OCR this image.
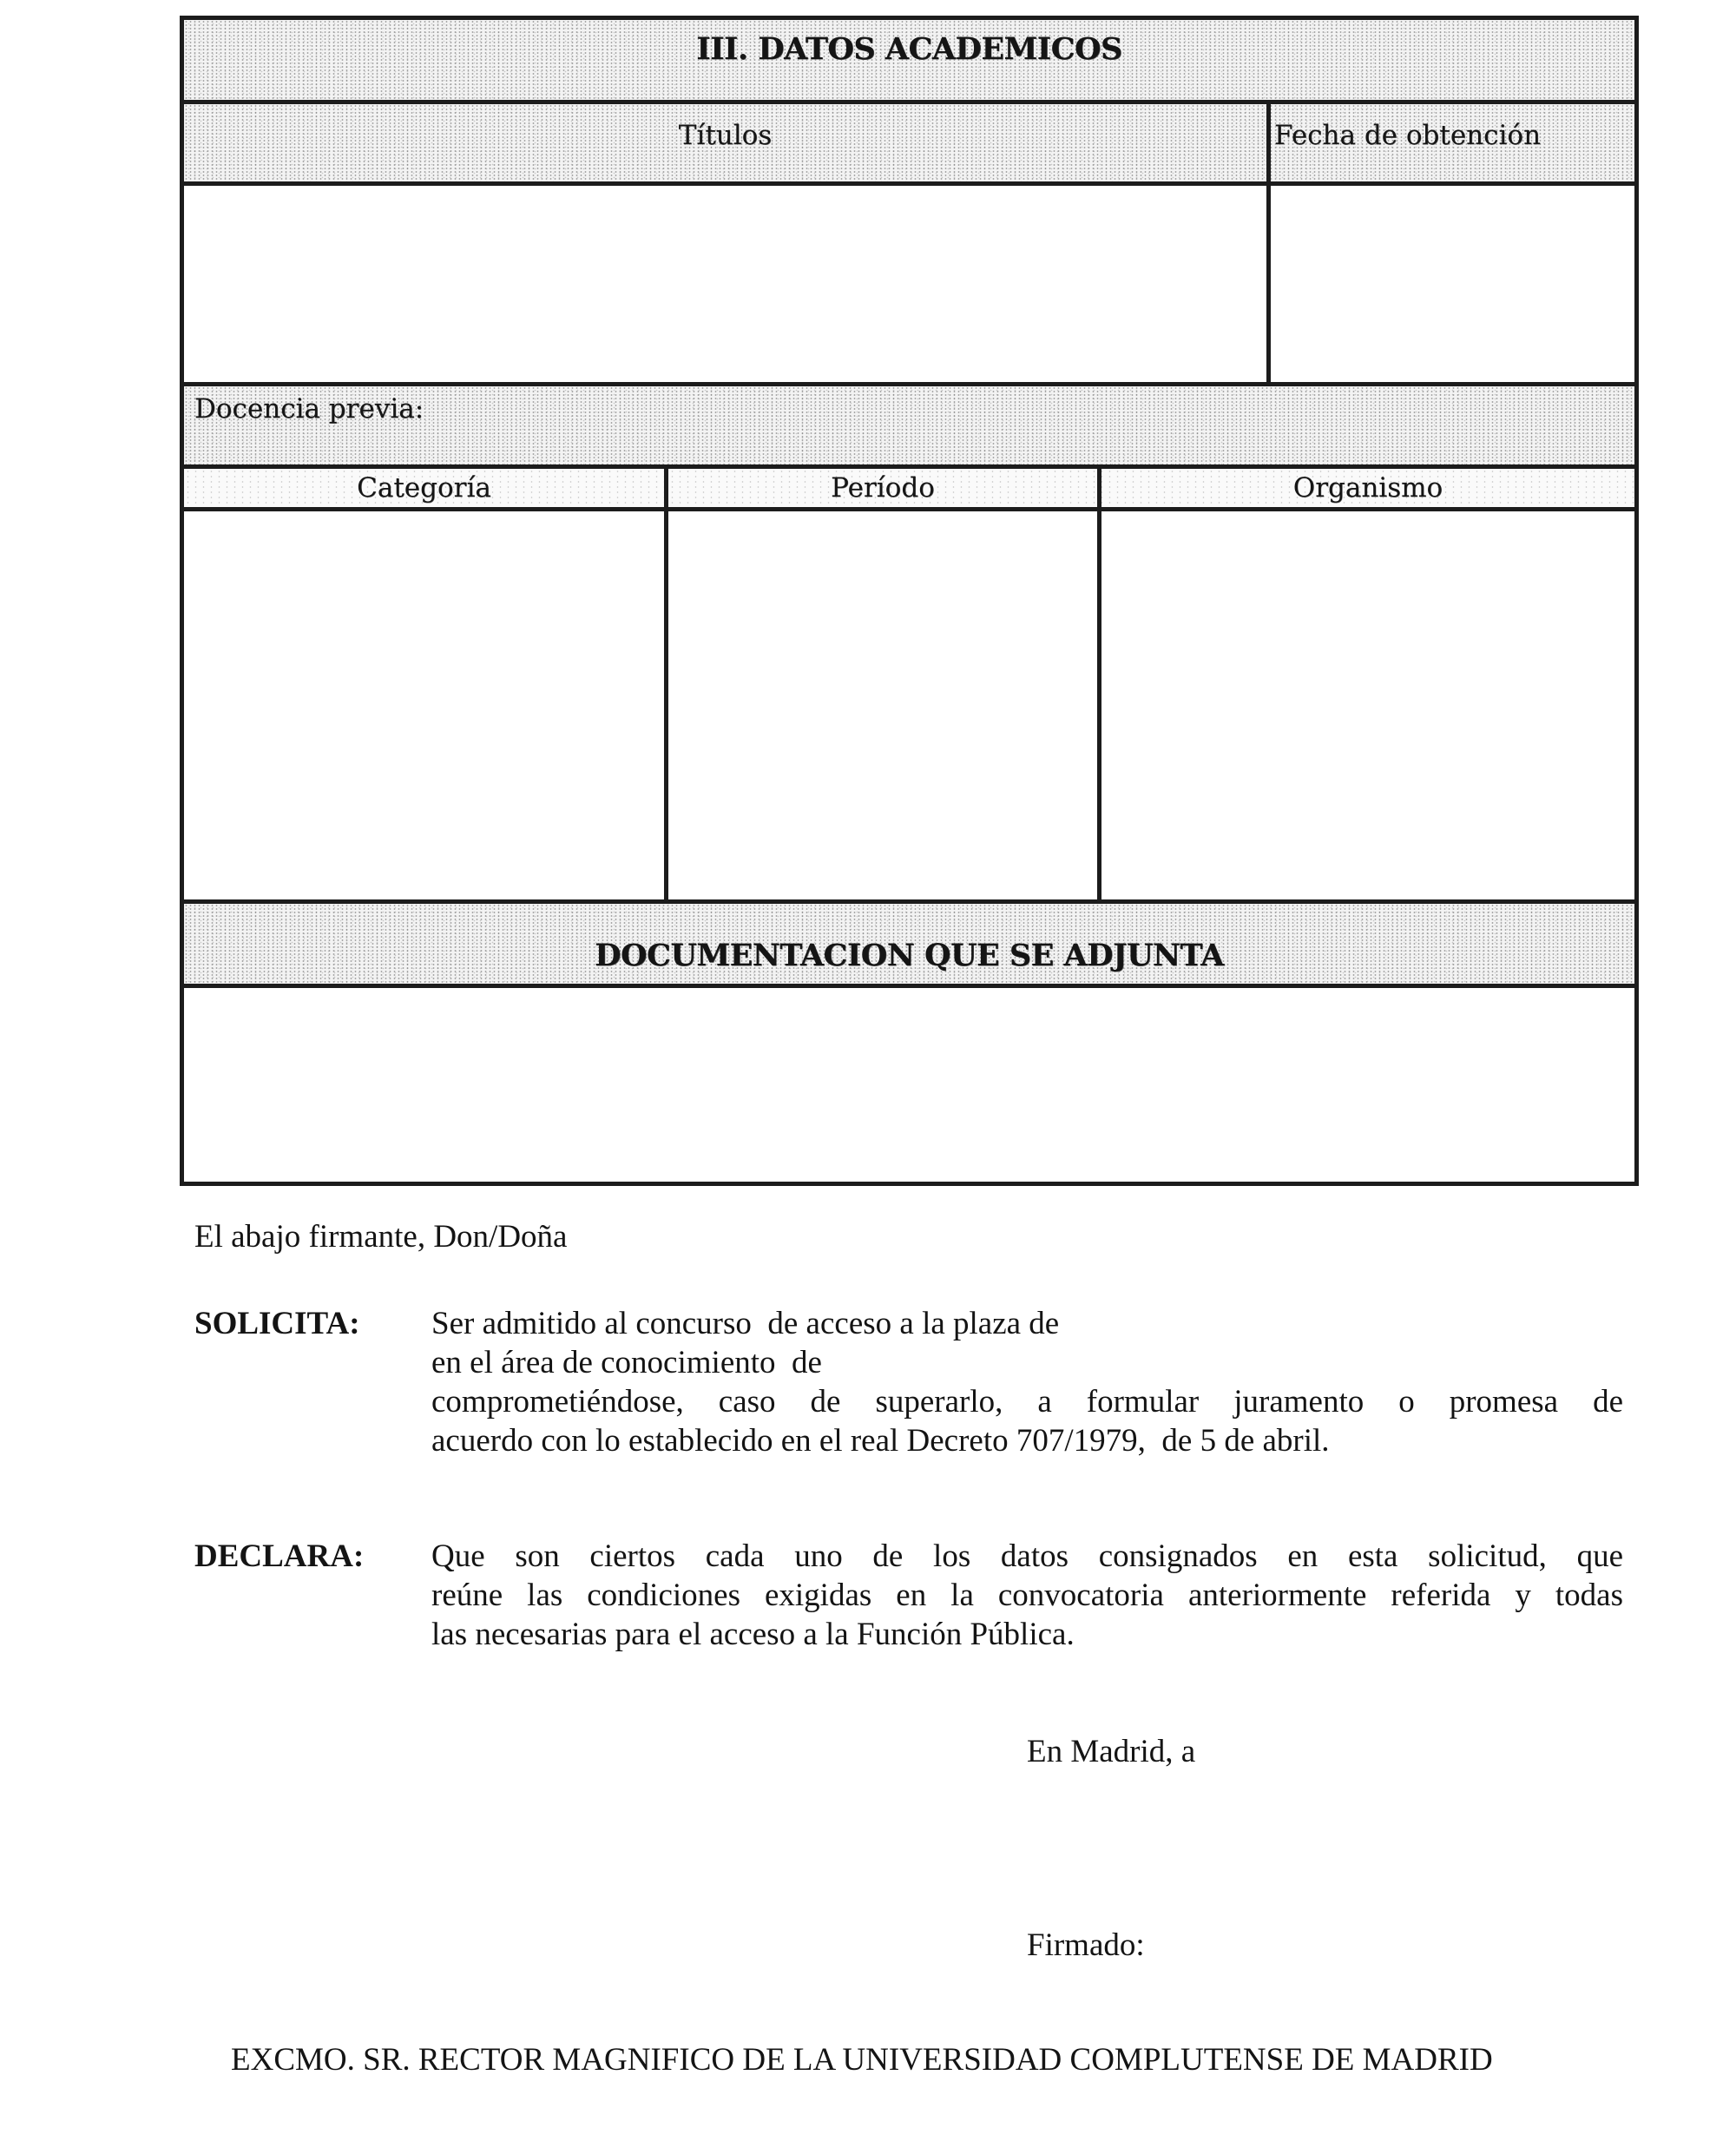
III. DATOS ACADEMICOS
Títulos	Fecha de obtención
Docencia previa:
Categoría	Período	Organismo
DOCUMENTACION QUE SE ADJUNTA
El abajo firmante, Don/Doña
SOLICITA: Ser admitido al concurso  de acceso a la plaza de
en el área de conocimiento  de
comprometiéndose, caso de superarlo, a formular juramento o promesa de
acuerdo con lo establecido en el real Decreto 707/1979,  de 5 de abril.
DECLARA: Que son ciertos cada uno de los datos consignados en esta solicitud, que
reúne las condiciones exigidas en la convocatoria anteriormente referida y todas
las necesarias para el acceso a la Función Pública.
En Madrid, a
Firmado:
EXCMO. SR. RECTOR MAGNIFICO DE LA UNIVERSIDAD COMPLUTENSE DE MADRID
